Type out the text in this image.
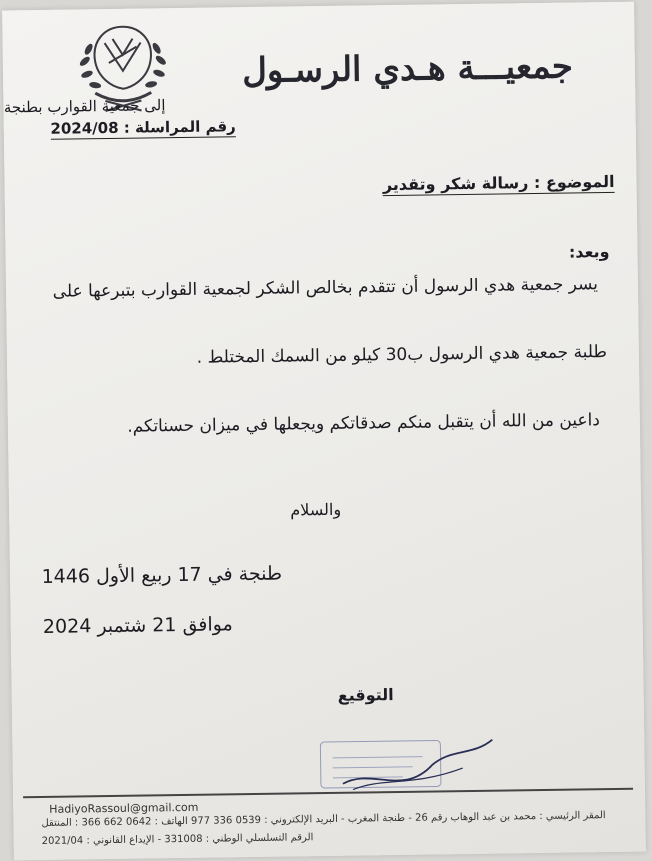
جمعيـــة هـدي الرسـول
إلى جمعية القوارب بطنجة
رقم المراسلة : 2024/08
الموضوع : رسالة شكر وتقدير
وبعد:
يسر جمعية هدي الرسول أن تتقدم بخالص الشكر لجمعية القوارب بتبرعها على
طلبة جمعية هدي الرسول ب30 كيلو من السمك المختلط .
داعين من الله أن يتقبل منكم صدقاتكم ويجعلها في ميزان حسناتكم.
والسلام
طنجة في 17 ربيع الأول 1446
موافق 21 شتمبر 2024
التوقيع
HadiyoRassoul@gmail.com
المقر الرئيسي : محمد بن عبد الوهاب رقم 26 - طنجة المغرب - البريد الإلكتروني : 0539 336 977 الهاتف : 0642 662 366 : المنتقل
الرقم التسلسلي الوطني : 331008 - الإيداع القانوني : 2021/04
